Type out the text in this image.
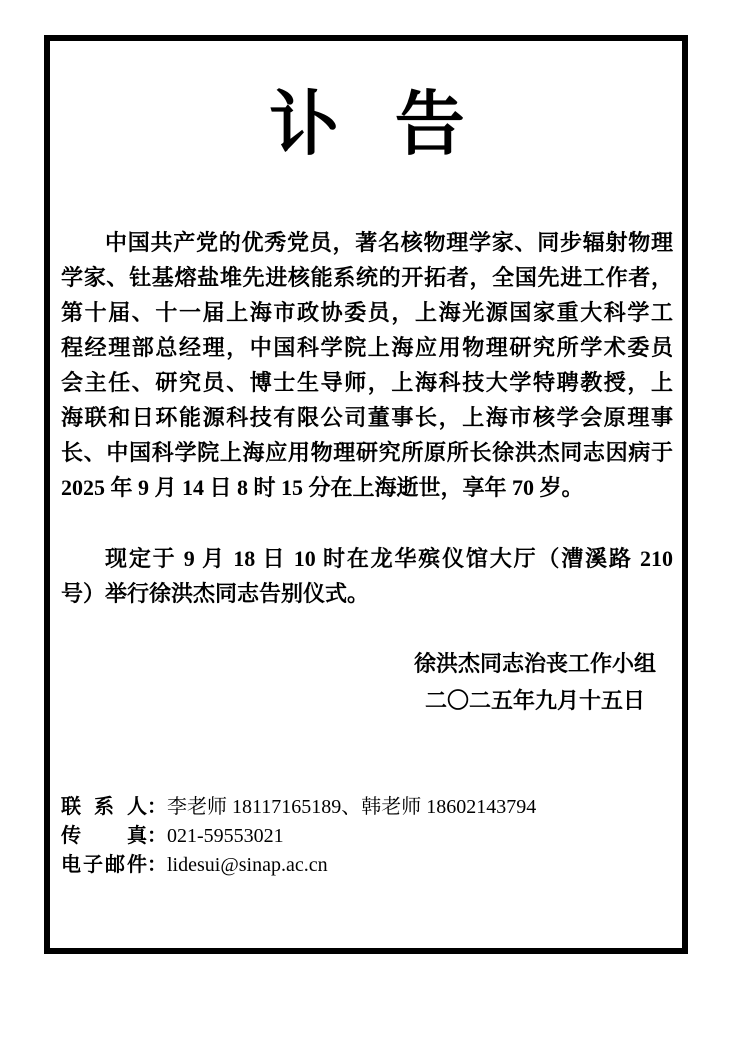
讣 告
中国共产党的优秀党员，著名核物理学家、同步辐射物理
学家、钍基熔盐堆先进核能系统的开拓者，全国先进工作者，
第十届、十一届上海市政协委员，上海光源国家重大科学工
程经理部总经理，中国科学院上海应用物理研究所学术委员
会主任、研究员、博士生导师，上海科技大学特聘教授，上
海联和日环能源科技有限公司董事长，上海市核学会原理事
长、中国科学院上海应用物理研究所原所长徐洪杰同志因病于
2025 年 9 月 14 日 8 时 15 分在上海逝世，享年 70 岁。
现定于 9 月 18 日 10 时在龙华殡仪馆大厅（漕溪路 210
号）举行徐洪杰同志告别仪式。
徐洪杰同志治丧工作小组
二〇二五年九月十五日
联系人：李老师 18117165189、韩老师 18602143794
传真：021-59553021
电子邮件：lidesui@sinap.ac.cn
